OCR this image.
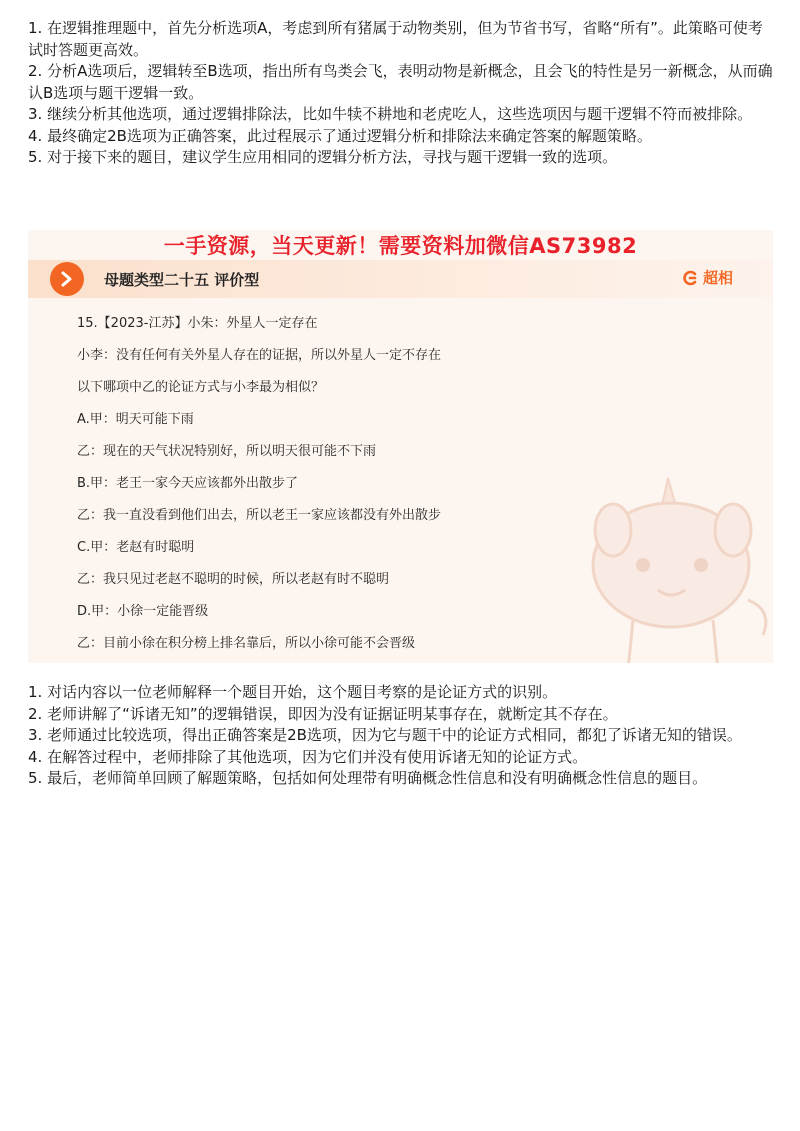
1. 在逻辑推理题中，首先分析选项A，考虑到所有猪属于动物类别，但为节省书写，省略“所有”。此策略可使考试时答题更高效。

2. 分析A选项后，逻辑转至B选项，指出所有鸟类会飞，表明动物是新概念，且会飞的特性是另一新概念，从而确认B选项与题干逻辑一致。

3. 继续分析其他选项，通过逻辑排除法，比如牛犊不耕地和老虎吃人，这些选项因与题干逻辑不符而被排除。

4. 最终确定2B选项为正确答案，此过程展示了通过逻辑分析和排除法来确定答案的解题策略。

5. 对于接下来的题目，建议学生应用相同的逻辑分析方法，寻找与题干逻辑一致的选项。

一手资源，当天更新！需要资料加微信AS73982
母题类型二十五 评价型	超相
15.【2023-江苏】小朱：外星人一定存在
小李：没有任何有关外星人存在的证据，所以外星人一定不存在
以下哪项中乙的论证方式与小李最为相似？
A.甲：明天可能下雨
乙：现在的天气状况特别好，所以明天很可能不下雨
B.甲：老王一家今天应该都外出散步了
乙：我一直没看到他们出去，所以老王一家应该都没有外出散步
C.甲：老赵有时聪明
乙：我只见过老赵不聪明的时候，所以老赵有时不聪明
D.甲：小徐一定能晋级
乙：目前小徐在积分榜上排名靠后，所以小徐可能不会晋级

1. 对话内容以一位老师解释一个题目开始，这个题目考察的是论证方式的识别。

2. 老师讲解了“诉诸无知”的逻辑错误，即因为没有证据证明某事存在，就断定其不存在。

3. 老师通过比较选项，得出正确答案是2B选项，因为它与题干中的论证方式相同，都犯了诉诸无知的错误。

4. 在解答过程中，老师排除了其他选项，因为它们并没有使用诉诸无知的论证方式。

5. 最后，老师简单回顾了解题策略，包括如何处理带有明确概念性信息和没有明确概念性信息的题目。
